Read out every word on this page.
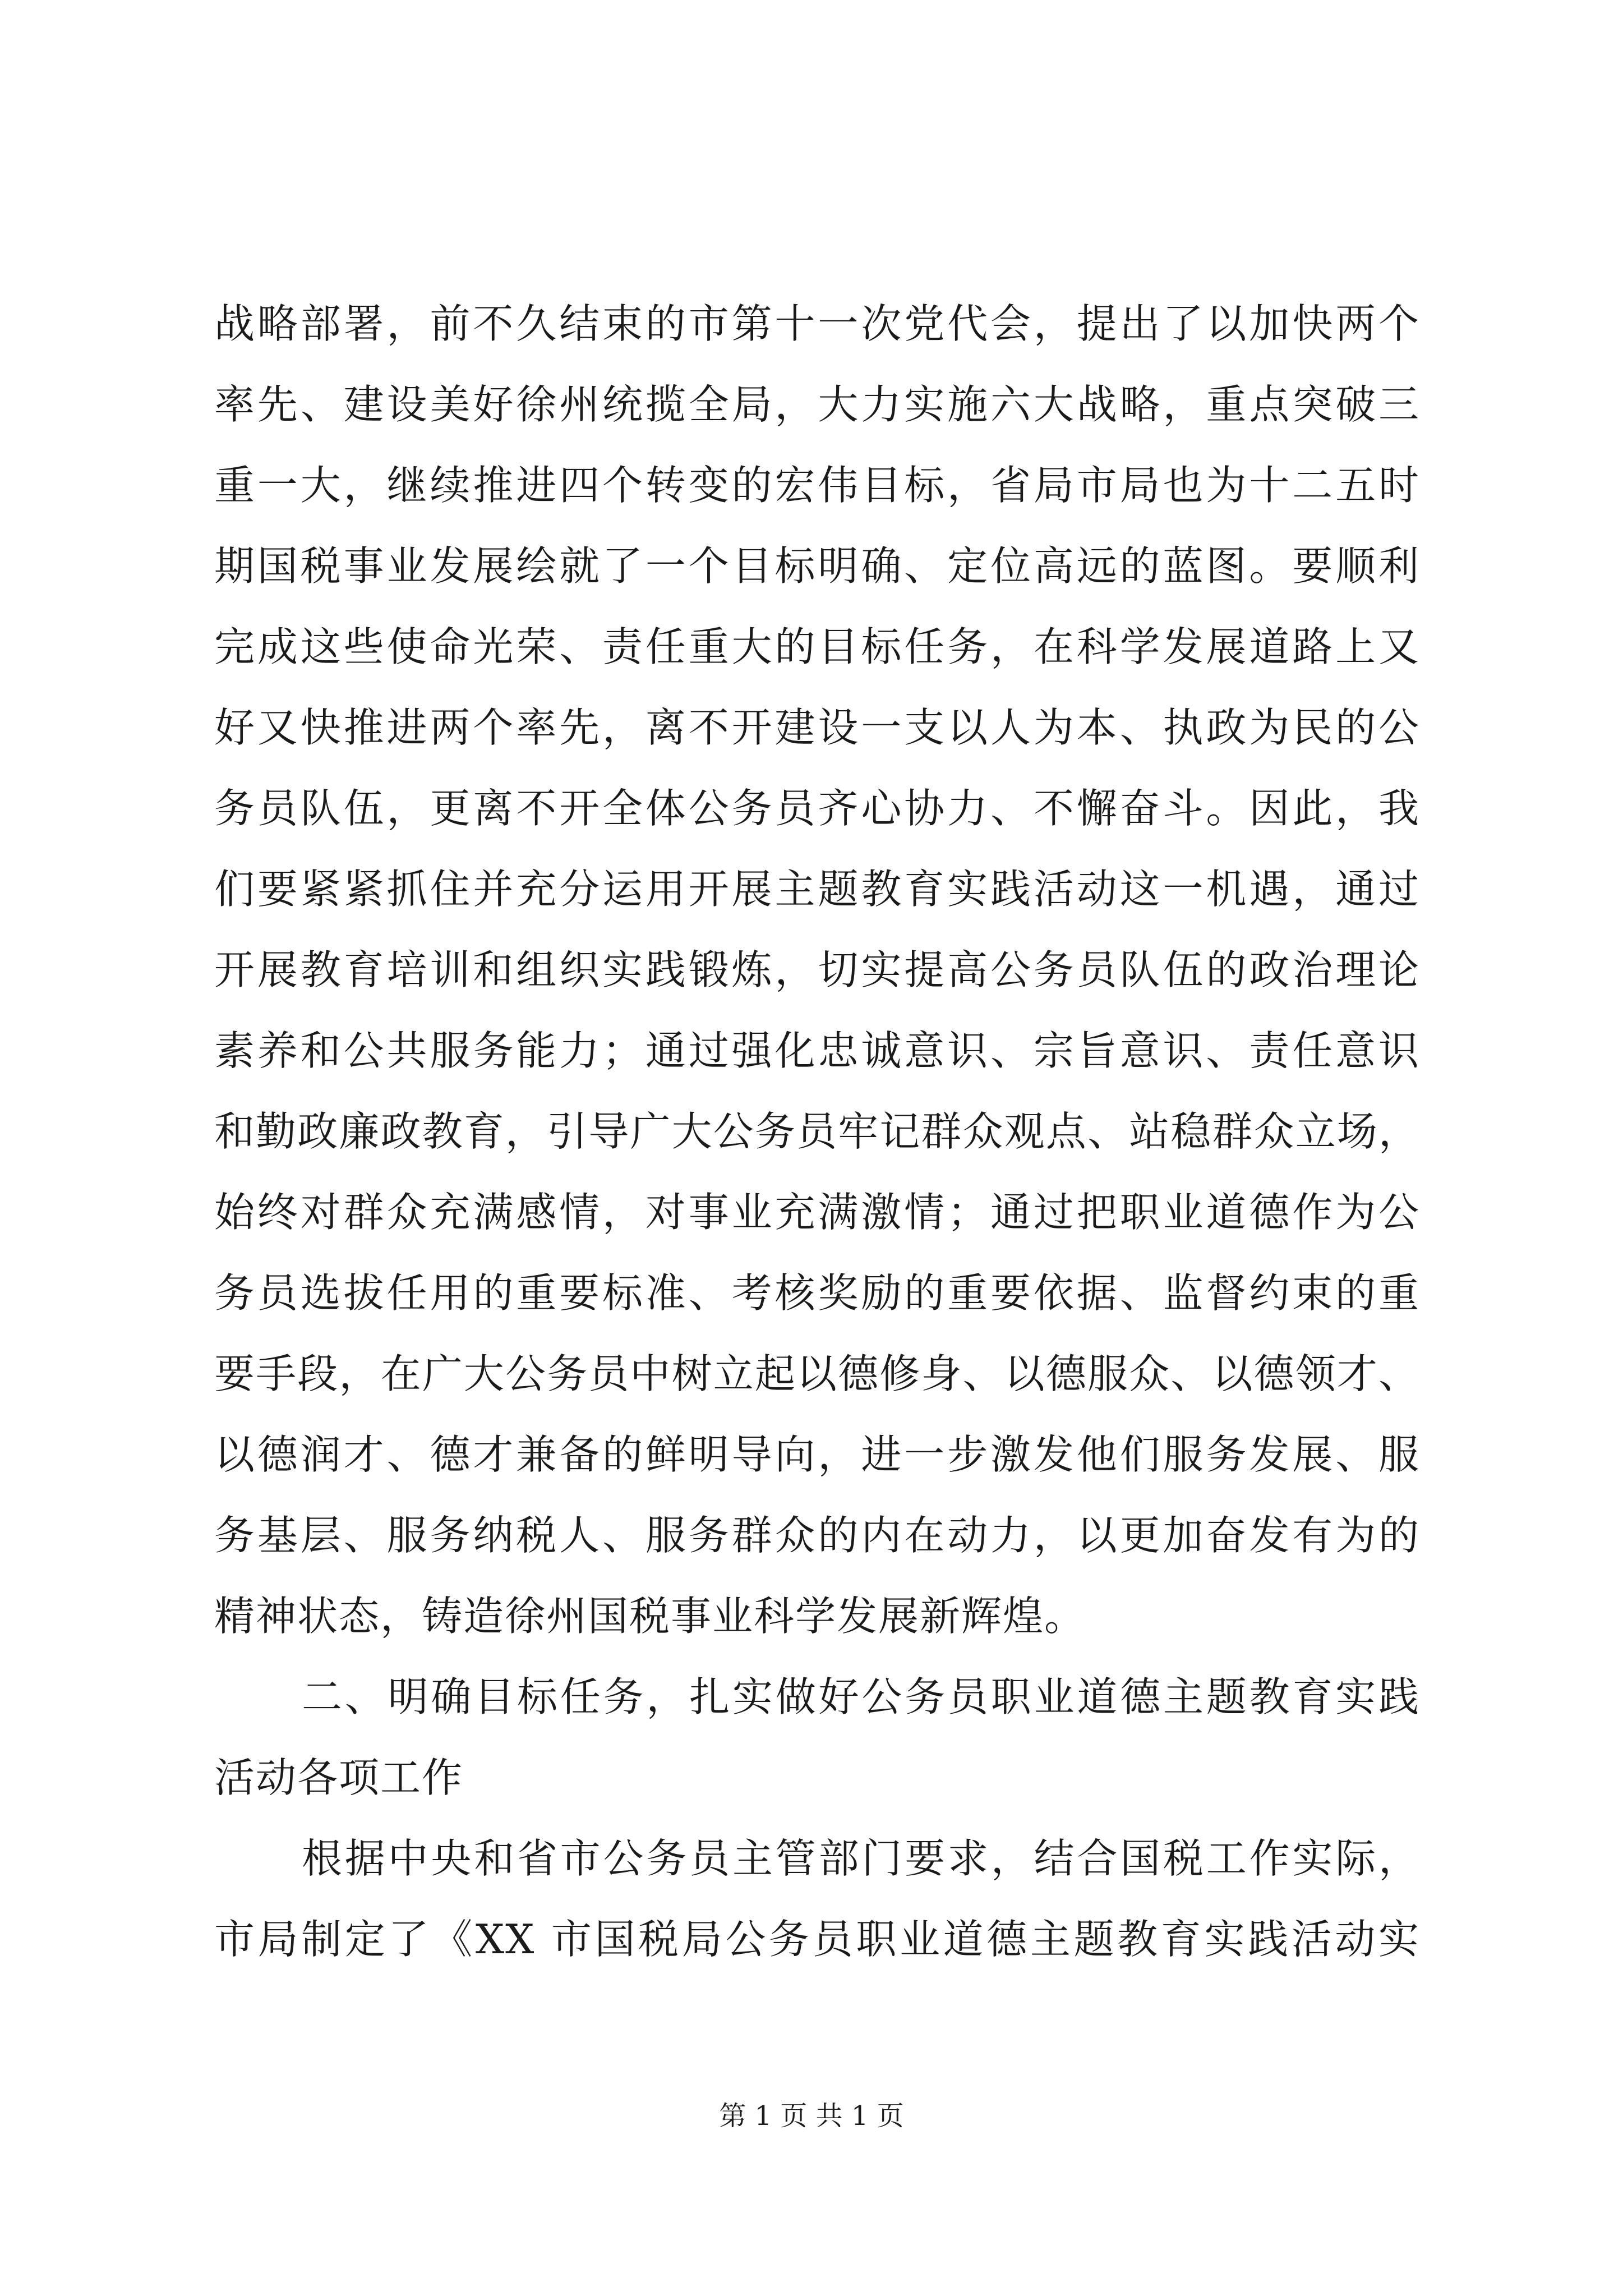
战略部署，前不久结束的市第十一次党代会，提出了以加快两个
率先、建设美好徐州统揽全局，大力实施六大战略，重点突破三
重一大，继续推进四个转变的宏伟目标，省局市局也为十二五时
期国税事业发展绘就了一个目标明确、定位高远的蓝图。要顺利
完成这些使命光荣、责任重大的目标任务，在科学发展道路上又
好又快推进两个率先，离不开建设一支以人为本、执政为民的公
务员队伍，更离不开全体公务员齐心协力、不懈奋斗。因此，我
们要紧紧抓住并充分运用开展主题教育实践活动这一机遇，通过
开展教育培训和组织实践锻炼，切实提高公务员队伍的政治理论
素养和公共服务能力；通过强化忠诚意识、宗旨意识、责任意识
和勤政廉政教育，引导广大公务员牢记群众观点、站稳群众立场，
始终对群众充满感情，对事业充满激情；通过把职业道德作为公
务员选拔任用的重要标准、考核奖励的重要依据、监督约束的重
要手段，在广大公务员中树立起以德修身、以德服众、以德领才、
以德润才、德才兼备的鲜明导向，进一步激发他们服务发展、服
务基层、服务纳税人、服务群众的内在动力，以更加奋发有为的
精神状态，铸造徐州国税事业科学发展新辉煌。
二、明确目标任务，扎实做好公务员职业道德主题教育实践
活动各项工作
根据中央和省市公务员主管部门要求，结合国税工作实际，
市局制定了《XX 市国税局公务员职业道德主题教育实践活动实
第 1 页 共 1 页
